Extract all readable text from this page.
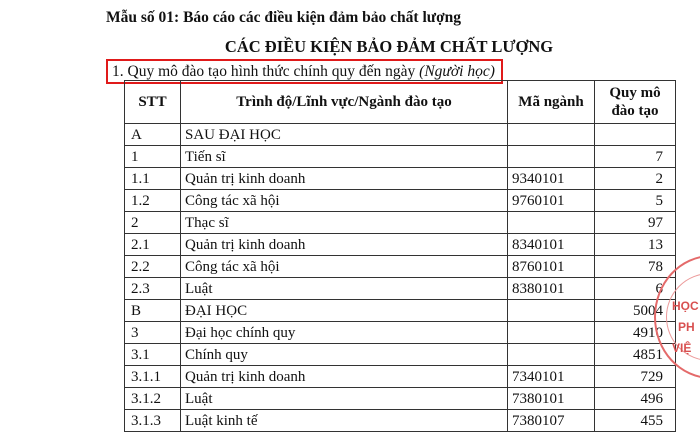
Mẫu số 01: Báo cáo các điều kiện đảm bảo chất lượng
CÁC ĐIỀU KIỆN BẢO ĐẢM CHẤT LƯỢNG
1. Quy mô đào tạo hình thức chính quy đến ngày (Người học)
STT	Trình độ/Lĩnh vực/Ngành đào tạo	Mã ngành	Quy mô
đào tạo
A	SAU ĐẠI HỌC		
1	Tiến sĩ		7
1.1	Quản trị kinh doanh	9340101	2
1.2	Công tác xã hội	9760101	5
2	Thạc sĩ		97
2.1	Quản trị kinh doanh	8340101	13
2.2	Công tác xã hội	8760101	78
2.3	Luật	8380101	6
B	ĐẠI HỌC		5004
3	Đại học chính quy		4910
3.1	Chính quy		4851
3.1.1	Quản trị kinh doanh	7340101	729
3.1.2	Luật	7380101	496
3.1.3	Luật kinh tế	7380107	455
HỌC
PH
VIỆ
